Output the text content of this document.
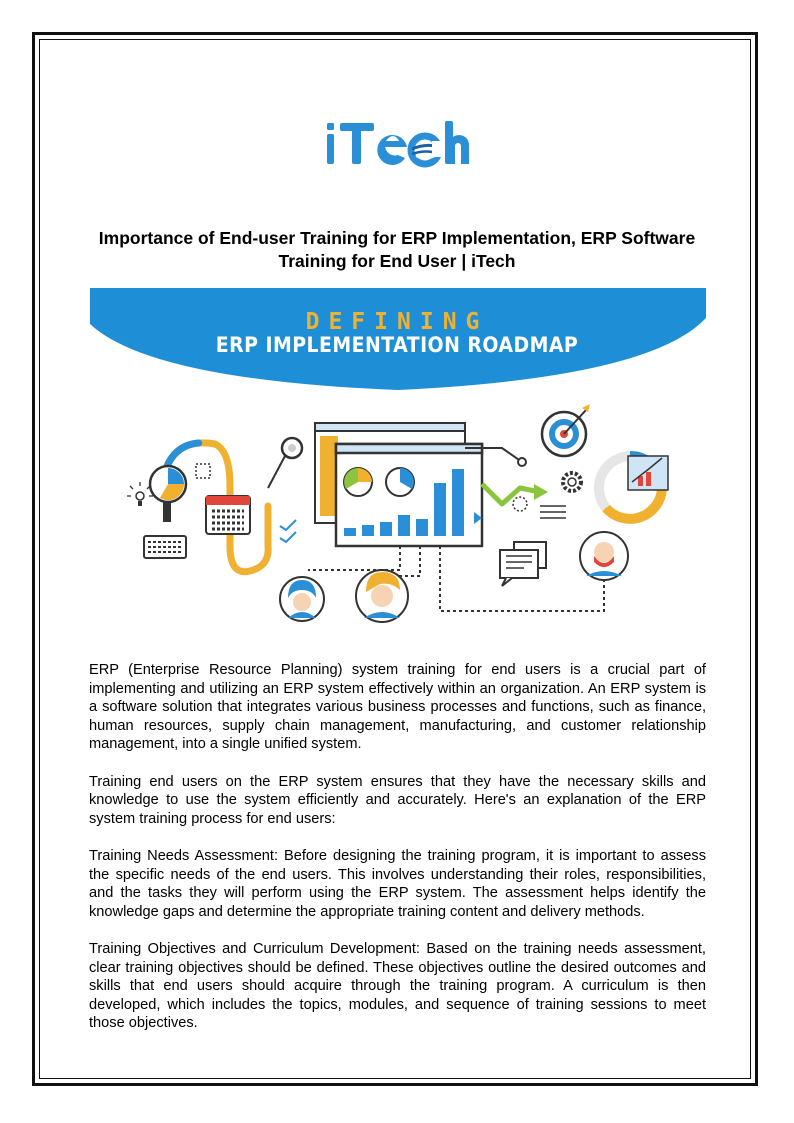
iTech
Importance of End-user Training for ERP Implementation, ERP Software Training for End User | iTech
DEFINING
ERP IMPLEMENTATION ROADMAP

ERP (Enterprise Resource Planning) system training for end users is a crucial part of implementing and utilizing an ERP system effectively within an organization. An ERP system is a software solution that integrates various business processes and functions, such as finance, human resources, supply chain management, manufacturing, and customer relationship management, into a single unified system.

Training end users on the ERP system ensures that they have the necessary skills and knowledge to use the system efficiently and accurately. Here's an explanation of the ERP system training process for end users:

Training Needs Assessment: Before designing the training program, it is important to assess the specific needs of the end users. This involves understanding their roles, responsibilities, and the tasks they will perform using the ERP system. The assessment helps identify the knowledge gaps and determine the appropriate training content and delivery methods.

Training Objectives and Curriculum Development: Based on the training needs assessment, clear training objectives should be defined. These objectives outline the desired outcomes and skills that end users should acquire through the training program. A curriculum is then developed, which includes the topics, modules, and sequence of training sessions to meet those objectives.
